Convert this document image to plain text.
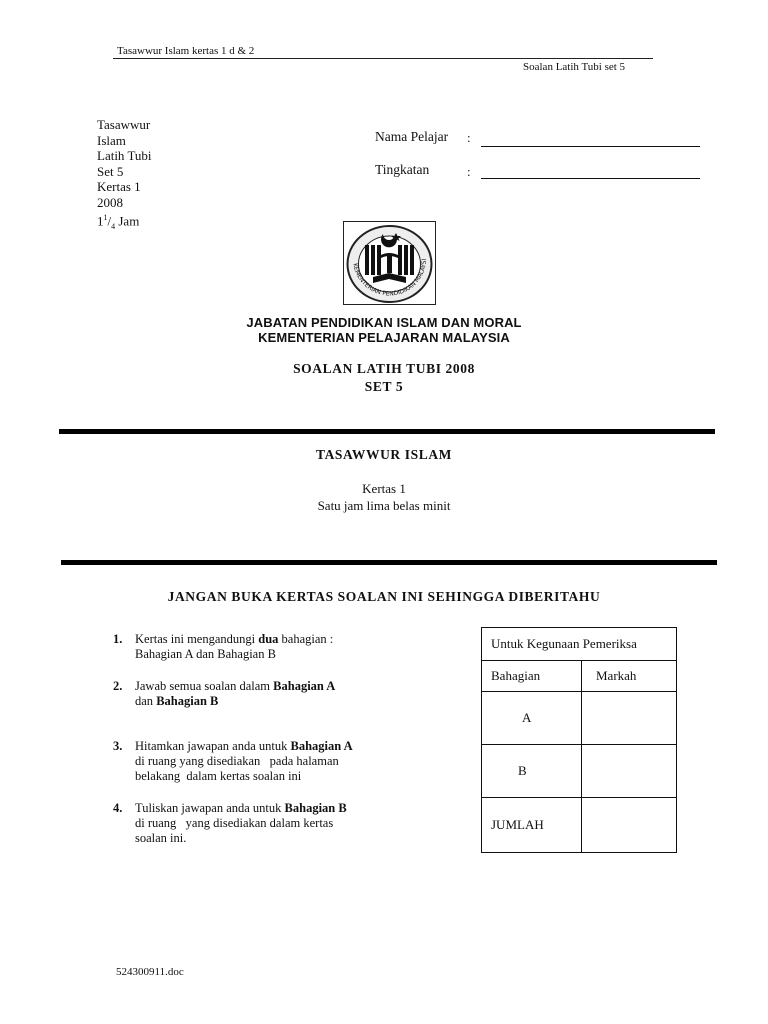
Tasawwur Islam kertas 1 d & 2
Soalan Latih Tubi set 5
Tasawwur
Islam
Latih Tubi
Set 5
Kertas 1
2008
$1^1/_4$ Jam
Nama Pelajar :
Tingkatan	:
KEMENTERIAN PENDIDIKAN MALAYSI
JABATAN PENDIDIKAN ISLAM DAN MORAL
KEMENTERIAN PELAJARAN MALAYSIA
SOALAN LATIH TUBI 2008
SET 5
TASAWWUR ISLAM
Kertas 1
Satu jam lima belas minit
JANGAN BUKA KERTAS SOALAN INI SEHINGGA DIBERITAHU
1. Kertas ini mengandungi dua bahagian :
Bahagian A dan Bahagian B
2. Jawab semua soalan dalam Bahagian A
dan Bahagian B
3. Hitamkan jawapan anda untuk Bahagian A
di ruang yang disediakan   pada halaman
belakang  dalam kertas soalan ini
4. Tuliskan jawapan anda untuk Bahagian B
di ruang   yang disediakan dalam kertas
soalan ini.
Untuk Kegunaan Pemeriksa	
Bahagian	Markah
A	
B	
JUMLAH	
524300911.doc
